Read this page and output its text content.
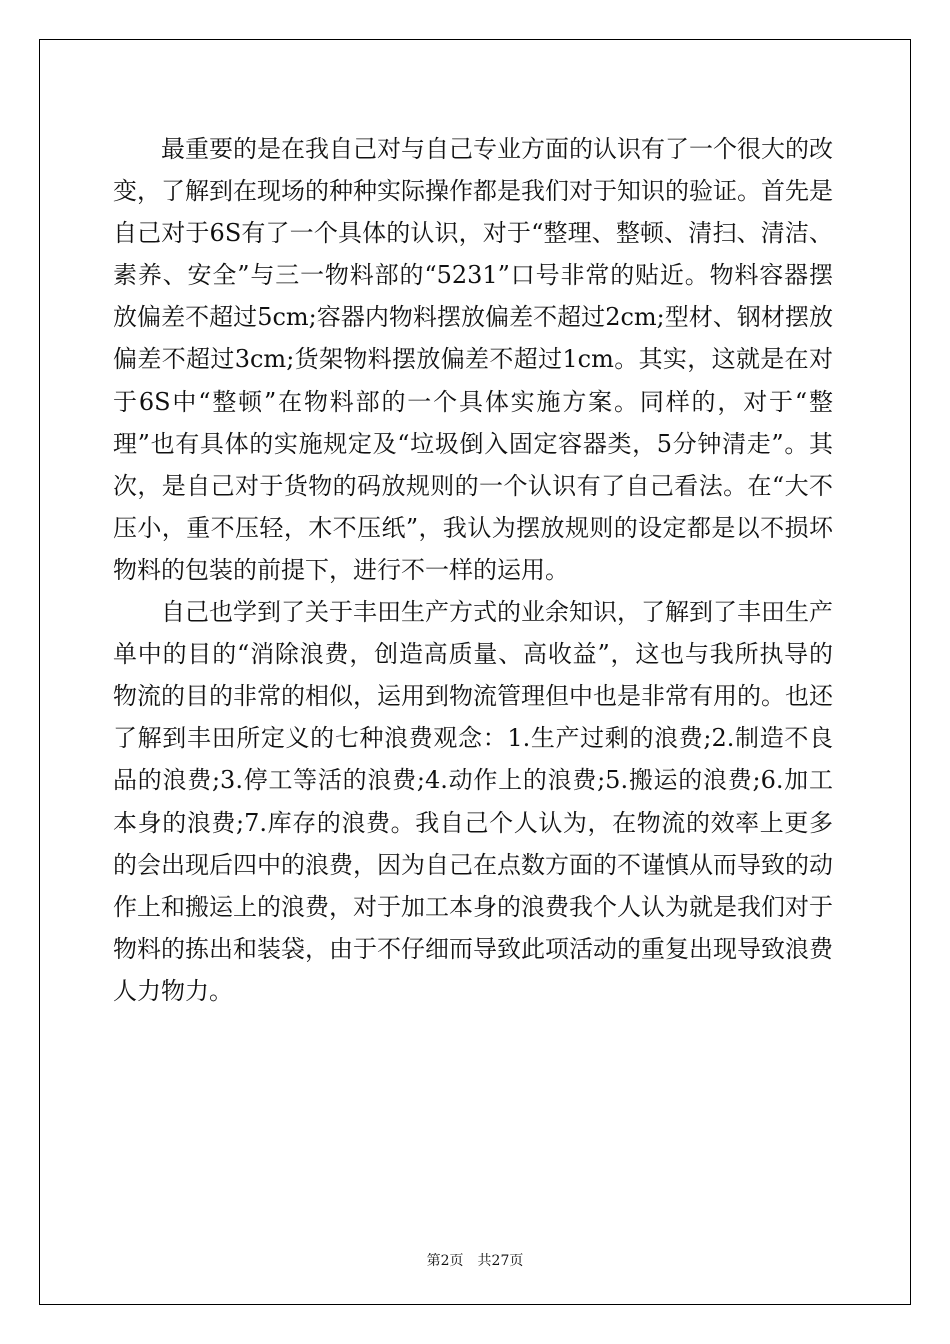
最重要的是在我自己对与自己专业方面的认识有了一个很大的改变，了解到在现场的种种实际操作都是我们对于知识的验证。首先是自己对于6S有了一个具体的认识，对于“整理、整顿、清扫、清洁、素养、安全”与三一物料部的“5231”口号非常的贴近。物料容器摆放偏差不超过5cm;容器内物料摆放偏差不超过2cm;型材、钢材摆放偏差不超过3cm;货架物料摆放偏差不超过1cm。其实，这就是在对于6S中“整顿”在物料部的一个具体实施方案。同样的，对于“整理”也有具体的实施规定及“垃圾倒入固定容器类，5分钟清走”。其次，是自己对于货物的码放规则的一个认识有了自己看法。在“大不压小，重不压轻，木不压纸”，我认为摆放规则的设定都是以不损坏物料的包装的前提下，进行不一样的运用。

自己也学到了关于丰田生产方式的业余知识，了解到了丰田生产单中的目的“消除浪费，创造高质量、高收益”，这也与我所执导的物流的目的非常的相似，运用到物流管理但中也是非常有用的。也还了解到丰田所定义的七种浪费观念：1.生产过剩的浪费;2.制造不良品的浪费;3.停工等活的浪费;4.动作上的浪费;5.搬运的浪费;6.加工本身的浪费;7.库存的浪费。我自己个人认为，在物流的效率上更多的会出现后四中的浪费，因为自己在点数方面的不谨慎从而导致的动作上和搬运上的浪费，对于加工本身的浪费我个人认为就是我们对于物料的拣出和装袋，由于不仔细而导致此项活动的重复出现导致浪费人力物力。

第2页　共27页
